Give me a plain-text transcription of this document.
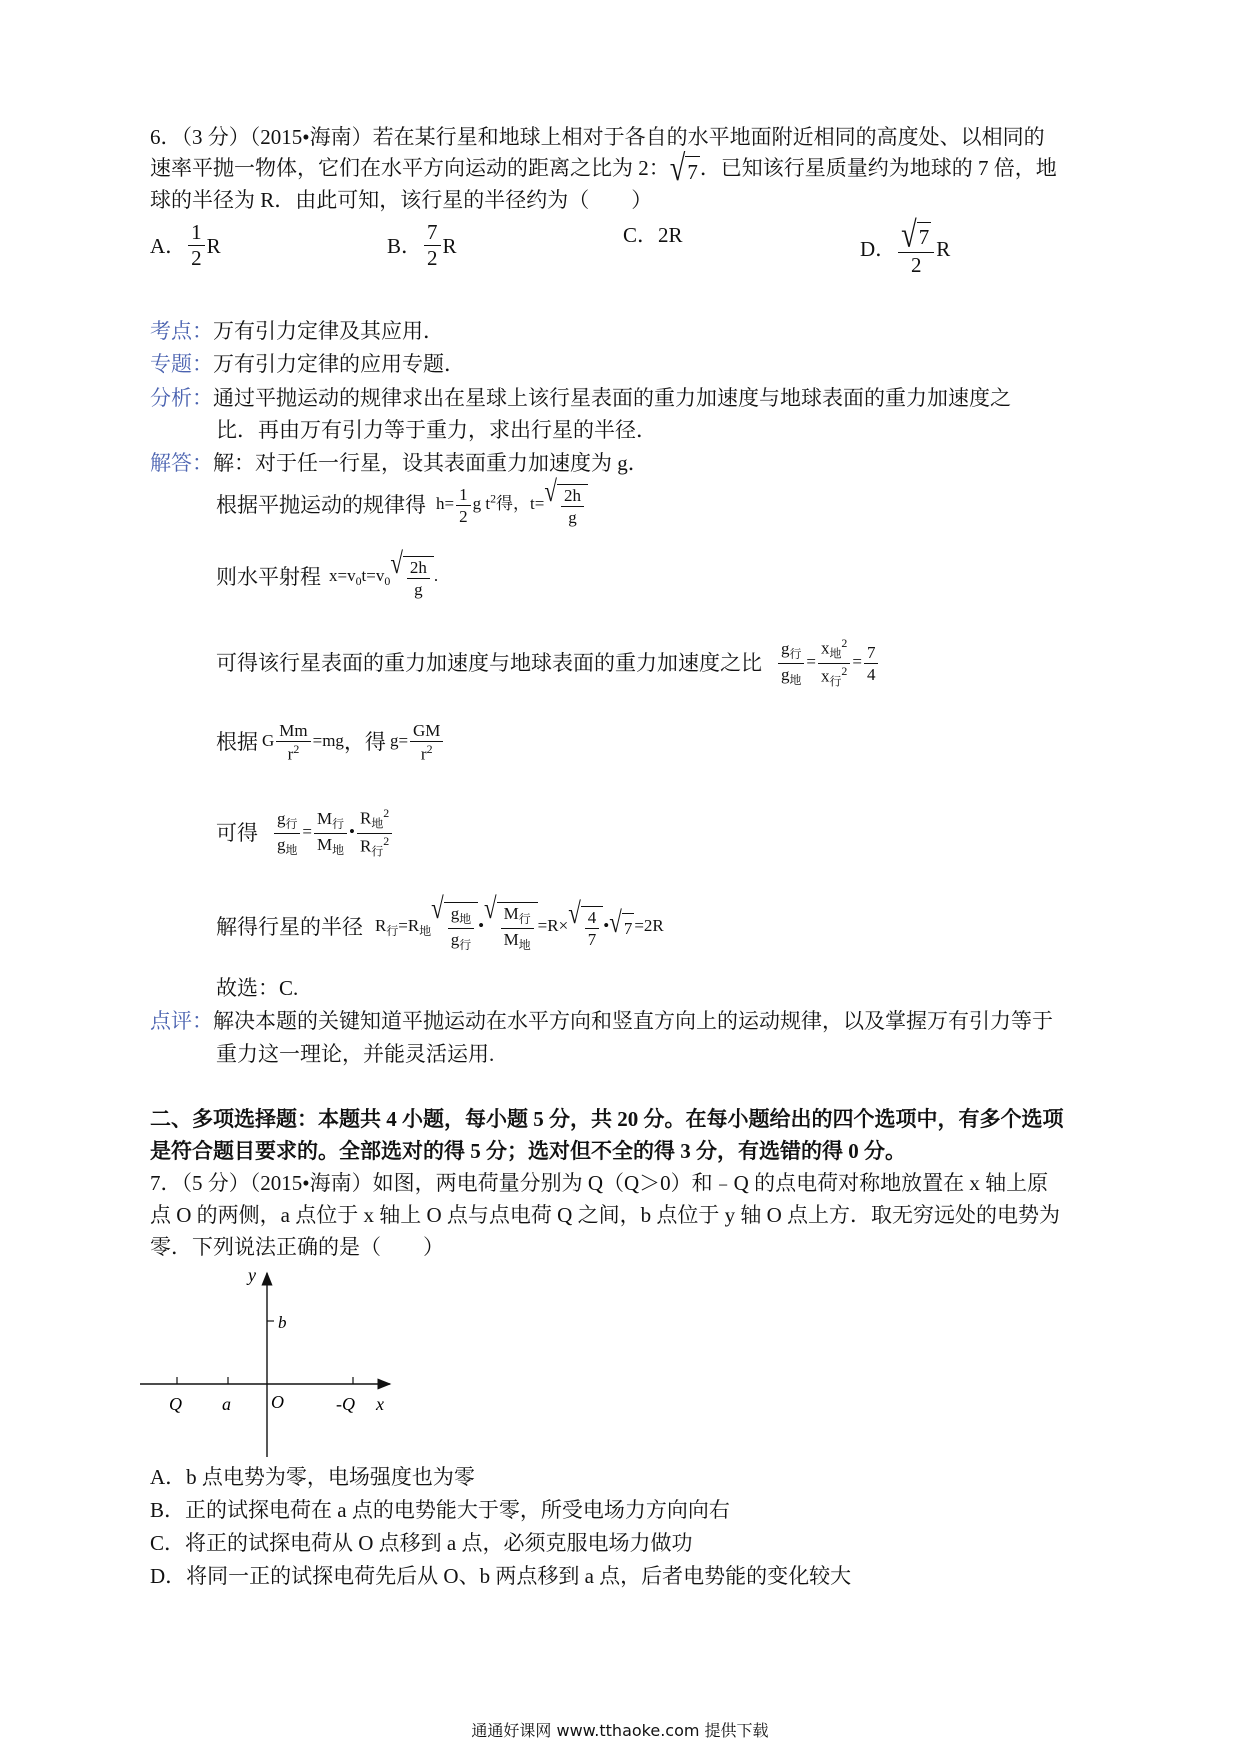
6．（3 分）（2015•海南）若在某行星和地球上相对于各自的水平地面附近相同的高度处、以相同的
速率平抛一物体，它们在水平方向运动的距离之比为 2： √ 7 ．已知该行星质量约为地球的 7 倍，地
球的半径为 R．由此可知，该行星的半径约为（　　）
A． $\frac{1}{2}$ R	B． $\frac{7}{2}$ R	C．2R
D． $\frac{√ 7}{2}$ R
考点：万有引力定律及其应用．
专题：万有引力定律的应用专题．
分析：通过平抛运动的规律求出在星球上该行星表面的重力加速度与地球表面的重力加速度之
比．再由万有引力等于重力，求出行星的半径．
解答：解：对于任一行星，设其表面重力加速度为 g．
根据平抛运动的规律得 $h= \frac{1}{2}$ g $t^2$得，t= √ $\frac{2h}{g}$
则水平射程 $x=v_0t=v_0$
√ $\frac{2h}{g}$ .
可得该行星表面的重力加速度与地球表面的重力加速度之比 $\frac{g_行}{g_地} = \frac{x_地^2}{x_行^2} = \frac{7}{4}$
根据 G $\frac{Mm}{r^2} =mg$ ，得 $g= \frac{GM}{r^2}$
可得 $\frac{g_行}{g_地} = \frac{M_行}{M_地}$ • $\frac{R_地^2}{R_行^2}$
解得行星的半径 $R_行=R_地$
√ $\frac{g_地}{g_行}$ •
√ $\frac{M_行}{M_地} =R\times$ √ $\frac{4}{7}$ • √ 7 =2R
故选：C.
点评：解决本题的关键知道平抛运动在水平方向和竖直方向上的运动规律，以及掌握万有引力等于
重力这一理论，并能灵活运用.
二、多项选择题：本题共 4 小题，每小题 5 分，共 20 分。在每小题给出的四个选项中，有多个选项
是符合题目要求的。全部选对的得 5 分；选对但不全的得 3 分，有选错的得 0 分。
7．（5 分）（2015•海南）如图，两电荷量分别为 Q（Q＞0）和﹣Q 的点电荷对称地放置在 x 轴上原
点 O 的两侧，a 点位于 x 轴上 O 点与点电荷 Q 之间，b 点位于 y 轴 O 点上方．取无穷远处的电势为
零．下列说法正确的是（　　）
y
b
Q a O	-Q x
A．b 点电势为零，电场强度也为零
B．正的试探电荷在 a 点的电势能大于零，所受电场力方向向右
C．将正的试探电荷从 O 点移到 a 点，必须克服电场力做功
D．将同一正的试探电荷先后从 O、b 两点移到 a 点，后者电势能的变化较大
通通好课网 www.tthaoke.com 提供下载
